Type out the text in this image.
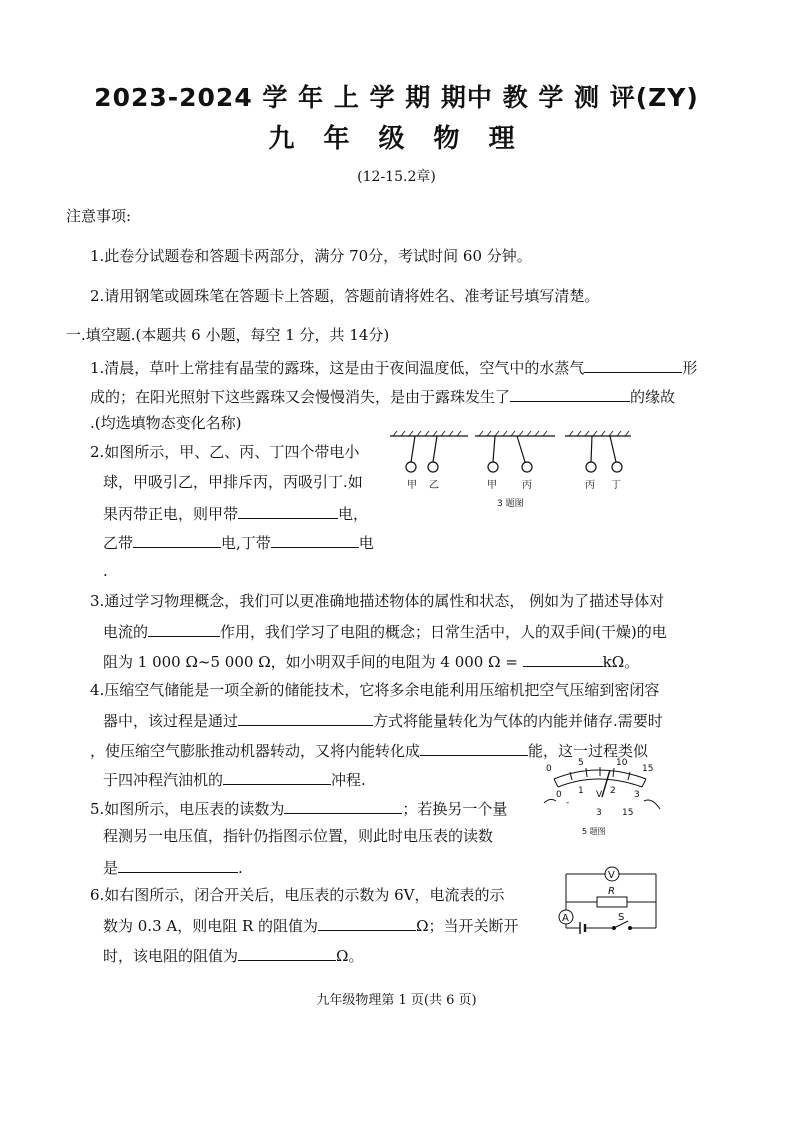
2023-2024 学 年 上 学 期 期中 教 学 测 评(ZY)
九 年 级 物 理
(12-15.2章)
注意事项:
1.此卷分试题卷和答题卡两部分，满分 70分，考试时间 60 分钟。
2.请用钢笔或圆珠笔在答题卡上答题，答题前请将姓名、准考证号填写清楚。
一.填空题.(本题共 6 小题，每空 1 分，共 14分)
1.清晨，草叶上常挂有晶莹的露珠，这是由于夜间温度低，空气中的水蒸气	形
成的；在阳光照射下这些露珠又会慢慢消失，是由于露珠发生了	的缘故
.(均选填物态变化名称)
2.如图所示，甲、乙、丙、丁四个带电小
球，甲吸引乙，甲排斥丙，丙吸引丁.如
果丙带正电，则甲带	电，
乙带	电,丁带	电
.
甲 乙	甲	丙	丙 丁
3 题图
3.通过学习物理概念，我们可以更准确地描述物体的属性和状态， 例如为了描述导体对
电流的	作用，我们学习了电阻的概念；日常生活中，人的双手间(干燥)的电
阻为 1 000 Ω~5 000 Ω，如小明双手间的电阻为 4 000 Ω =	kΩ。
4.压缩空气储能是一项全新的储能技术，它将多余电能利用压缩机把空气压缩到密闭容
器中，该过程是通过	方式将能量转化为气体的内能并储存.需要时
，使压缩空气膨胀推动机器转动，又将内能转化成	能，这一过程类似
于四冲程汽油机的	冲程.
0
5	10
15
0 1	2 3
V
-
3 15
5 题图
5.如图所示，电压表的读数为	；若换另一个量
程测另一电压值，指针仍指图示位置，则此时电压表的读数
是	.	V
R
A	S
6.如右图所示，闭合开关后，电压表的示数为 6V，电流表的示
数为 0.3 A，则电阻 R 的阻值为	Ω；当开关断开
时，该电阻的阻值为	Ω。
九年级物理第 1 页(共 6 页)
